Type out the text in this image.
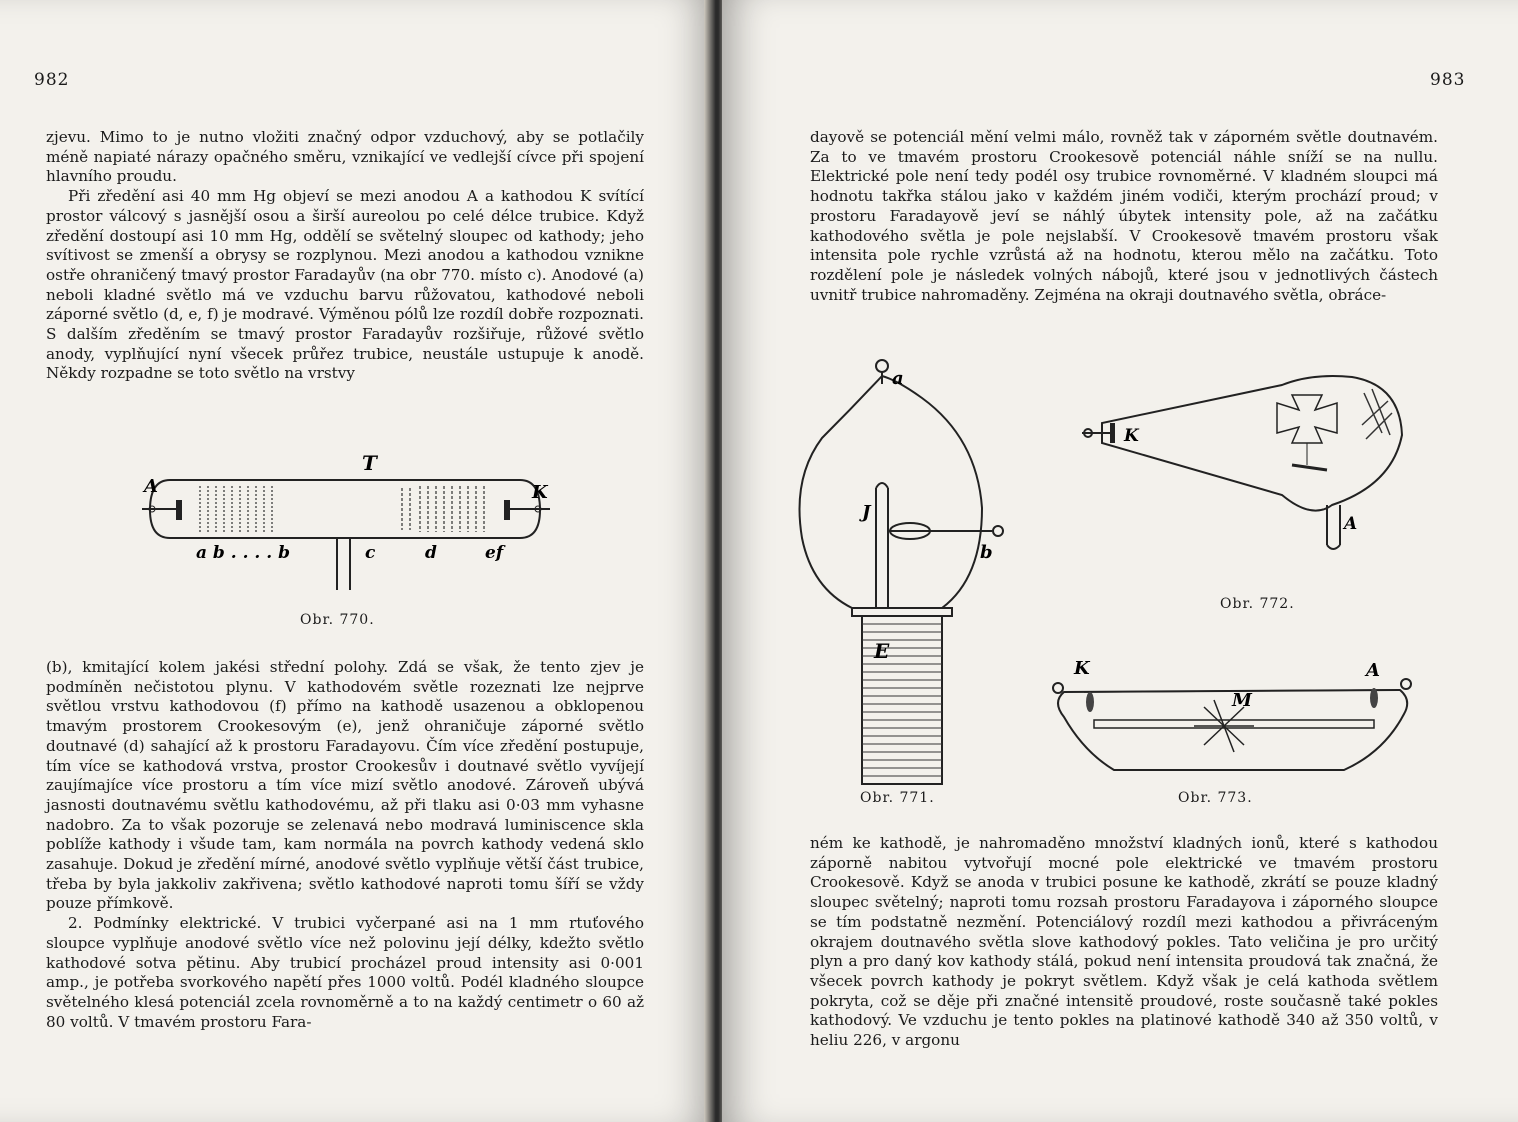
982

zjevu. Mimo to je nutno vložiti značný odpor vzduchový, aby se potlačily méně napiaté nárazy opačného směru, vznikající ve vedlejší cívce při spojení hlavního proudu.

Při zředění asi 40 mm Hg objeví se mezi anodou A a kathodou K svítící prostor válcový s jasnější osou a širší aureolou po celé délce trubice. Když zředění dostoupí asi 10 mm Hg, oddělí se světelný sloupec od kathody; jeho svítivost se zmenší a obrysy se rozplynou. Mezi anodou a kathodou vznikne ostře ohraničený tmavý prostor Faradayův (na obr 770. místo c). Anodové (a) neboli kladné světlo má ve vzduchu barvu růžovatou, kathodové neboli záporné světlo (d, e, f) je modravé. Výměnou pólů lze rozdíl dobře rozpoznati. S dalším zředěním se tmavý prostor Faradayův rozšiřuje, růžové světlo anody, vyplňující nyní všecek průřez trubice, neustále ustupuje k anodě. Někdy rozpadne se toto světlo na vrstvy

T
A	K
a b . . . . b	c	d	ef
Obr. 770.

(b), kmitající kolem jakési střední polohy. Zdá se však, že tento zjev je podmíněn nečistotou plynu. V kathodovém světle rozeznati lze nejprve světlou vrstvu kathodovou (f) přímo na kathodě usazenou a obklopenou tmavým prostorem Crookesovým (e), jenž ohraničuje záporné světlo doutnavé (d) sahající až k prostoru Faradayovu. Čím více zředění postupuje, tím více se kathodová vrstva, prostor Crookesův i doutnavé světlo vyvíjejí zaujímajíce více prostoru a tím více mizí světlo anodové. Zároveň ubývá jasnosti doutnavému světlu kathodovému, až při tlaku asi 0·03 mm vyhasne nadobro. Za to však pozoruje se zelenavá nebo modravá luminiscence skla poblíže kathody i všude tam, kam normála na povrch kathody vedená sklo zasahuje. Dokud je zředění mírné, anodové světlo vyplňuje větší část trubice, třeba by byla jakkoliv zakřivena; světlo kathodové naproti tomu šíří se vždy pouze přímkově.

2. Podmínky elektrické. V trubici vyčerpané asi na 1 mm rtuťového sloupce vyplňuje anodové světlo více než polovinu její délky, kdežto světlo kathodové sotva pětinu. Aby trubicí procházel proud intensity asi 0·001 amp., je potřeba svorkového napětí přes 1000 voltů. Podél kladného sloupce světelného klesá potenciál zcela rovnoměrně a to na každý centimetr o 60 až 80 voltů. V tmavém prostoru Fara-

983

dayově se potenciál mění velmi málo, rovněž tak v záporném světle doutnavém. Za to ve tmavém prostoru Crookesově potenciál náhle sníží se na nullu. Elektrické pole není tedy podél osy trubice rovnoměrné. V kladném sloupci má hodnotu takřka stálou jako v každém jiném vodiči, kterým prochází proud; v prostoru Faradayově jeví se náhlý úbytek intensity pole, až na začátku kathodového světla je pole nejslabší. V Crookesově tmavém prostoru však intensita pole rychle vzrůstá až na hodnotu, kterou mělo na začátku. Toto rozdělení pole je následek volných nábojů, které jsou v jednotlivých částech uvnitř trubice nahromaděny. Zejména na okraji doutnavého světla, obráce-

a
J
b
E
Obr. 771.
K
A
Obr. 772.
K	A
M
Obr. 773.

ném ke kathodě, je nahromaděno množství kladných ionů, které s kathodou záporně nabitou vytvořují mocné pole elektrické ve tmavém prostoru Crookesově. Když se anoda v trubici posune ke kathodě, zkrátí se pouze kladný sloupec světelný; naproti tomu rozsah prostoru Faradayova i záporného sloupce se tím podstatně nezmění. Potenciálový rozdíl mezi kathodou a přivráceným okrajem doutnavého světla slove kathodový pokles. Tato veličina je pro určitý plyn a pro daný kov kathody stálá, pokud není intensita proudová tak značná, že všecek povrch kathody je pokryt světlem. Když však je celá kathoda světlem pokryta, což se děje při značné intensitě proudové, roste současně také pokles kathodový. Ve vzduchu je tento pokles na platinové kathodě 340 až 350 voltů, v heliu 226, v argonu
